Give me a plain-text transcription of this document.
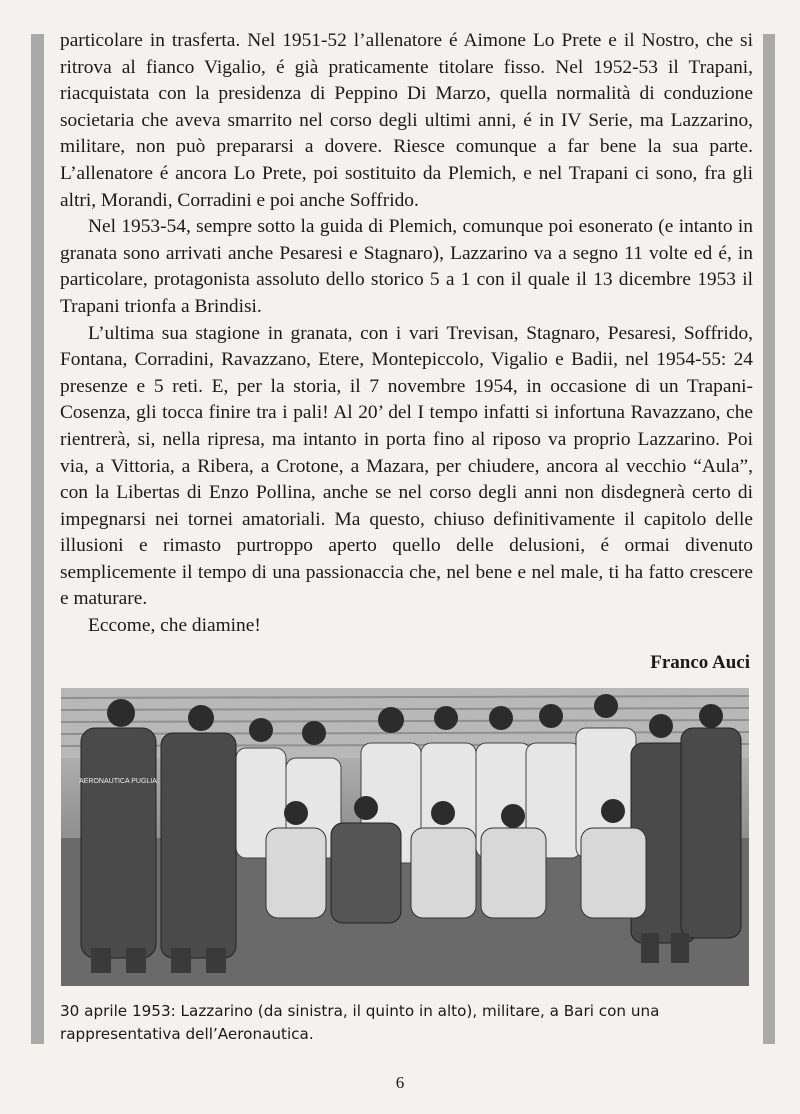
particolare in trasferta. Nel 1951-52 l’allenatore é Aimone Lo Prete e il Nostro, che si ritrova al fianco Vigalio, é già praticamente titolare fisso. Nel 1952-53 il Trapani, riacquistata con la presidenza di Peppino Di Marzo, quella normalità di conduzione societaria che aveva smarrito nel corso degli ultimi anni, é in IV Serie, ma Lazzarino, militare, non può prepararsi a dovere. Riesce comunque a far bene la sua parte. L’allenatore é ancora Lo Prete, poi sostituito da Plemich, e nel Trapani ci sono, fra gli altri, Morandi, Corradini e poi anche Soffrido.

Nel 1953-54, sempre sotto la guida di Plemich, comunque poi esonerato (e intanto in granata sono arrivati anche Pesaresi e Stagnaro), Lazzarino va a segno 11 volte ed é, in particolare, protagonista assoluto dello storico 5 a 1 con il quale il 13 dicembre 1953 il Trapani trionfa a Brindisi.

L’ultima sua stagione in granata, con i vari Trevisan, Stagnaro, Pesaresi, Soffrido, Fontana, Corradini, Ravazzano, Etere, Montepiccolo, Vigalio e Badii, nel 1954-55: 24 presenze e 5 reti. E, per la storia, il 7 novembre 1954, in occasione di un Trapani-Cosenza, gli tocca finire tra i pali! Al 20’ del I tempo infatti si infortuna Ravazzano, che rientrerà, si, nella ripresa, ma intanto in porta fino al riposo va proprio Lazzarino. Poi via, a Vittoria, a Ribera, a Crotone, a Mazara, per chiudere, ancora al vecchio “Aula”, con la Libertas di Enzo Pollina, anche se nel corso degli anni non disdegnerà certo di impegnarsi nei tornei amatoriali. Ma questo, chiuso definitivamente il capitolo delle illusioni e rimasto purtroppo aperto quello delle delusioni, é ormai divenuto semplicemente il tempo di una passionaccia che, nel bene e nel male, ti ha fatto crescere e maturare.

Eccome, che diamine!

Franco Auci
AERONAUTICA PUGLIA
30 aprile 1953: Lazzarino (da sinistra, il quinto in alto), militare, a Bari con una rappresentativa dell’Aeronautica.
6
